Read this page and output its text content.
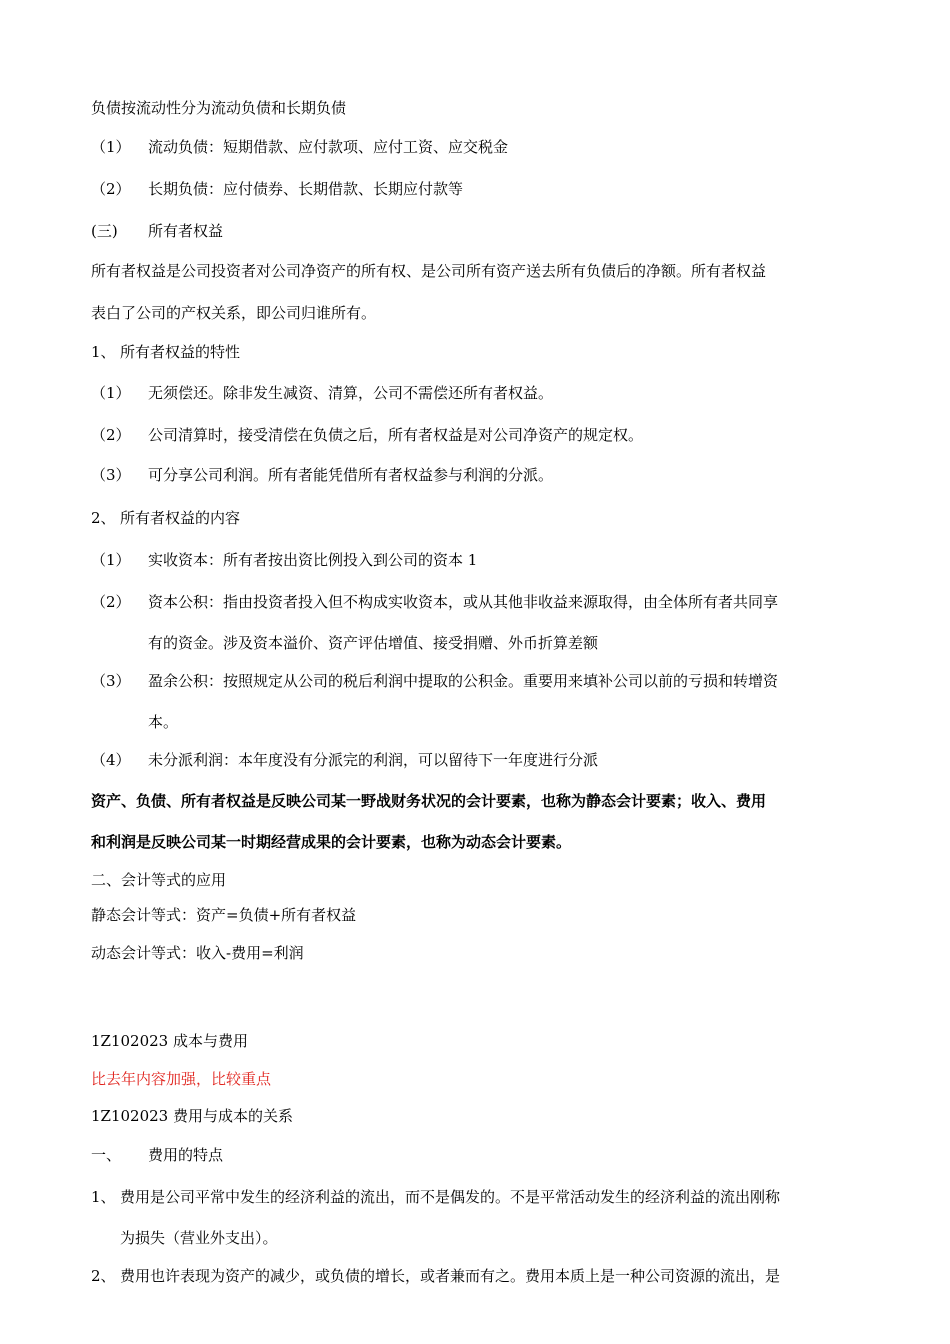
负债按流动性分为流动负债和长期负债
（1） 流动负债：短期借款、应付款项、应付工资、应交税金
（2） 长期负债：应付债券、长期借款、长期应付款等
(三) 所有者权益
所有者权益是公司投资者对公司净资产的所有权、是公司所有资产送去所有负债后的净额。所有者权益
表白了公司的产权关系，即公司归谁所有。
1、 所有者权益的特性
（1） 无须偿还。除非发生减资、清算，公司不需偿还所有者权益。
（2） 公司清算时，接受清偿在负债之后，所有者权益是对公司净资产的规定权。
（3） 可分享公司利润。所有者能凭借所有者权益参与利润的分派。
2、 所有者权益的内容
（1） 实收资本：所有者按出资比例投入到公司的资本 1
（2） 资本公积：指由投资者投入但不构成实收资本，或从其他非收益来源取得，由全体所有者共同享
有的资金。涉及资本溢价、资产评估增值、接受捐赠、外币折算差额
（3） 盈余公积：按照规定从公司的税后利润中提取的公积金。重要用来填补公司以前的亏损和转增资
本。
（4） 未分派利润：本年度没有分派完的利润，可以留待下一年度进行分派
资产、负债、所有者权益是反映公司某一野战财务状况的会计要素，也称为静态会计要素；收入、费用
和利润是反映公司某一时期经营成果的会计要素，也称为动态会计要素。
二、会计等式的应用
静态会计等式：资产=负债+所有者权益
动态会计等式：收入-费用=利润
1Z102023 成本与费用
比去年内容加强，比较重点
1Z102023 费用与成本的关系
一、 费用的特点
1、 费用是公司平常中发生的经济利益的流出，而不是偶发的。不是平常活动发生的经济利益的流出刚称
为损失（营业外支出）。
2、 费用也许表现为资产的减少，或负债的增长，或者兼而有之。费用本质上是一种公司资源的流出，是
